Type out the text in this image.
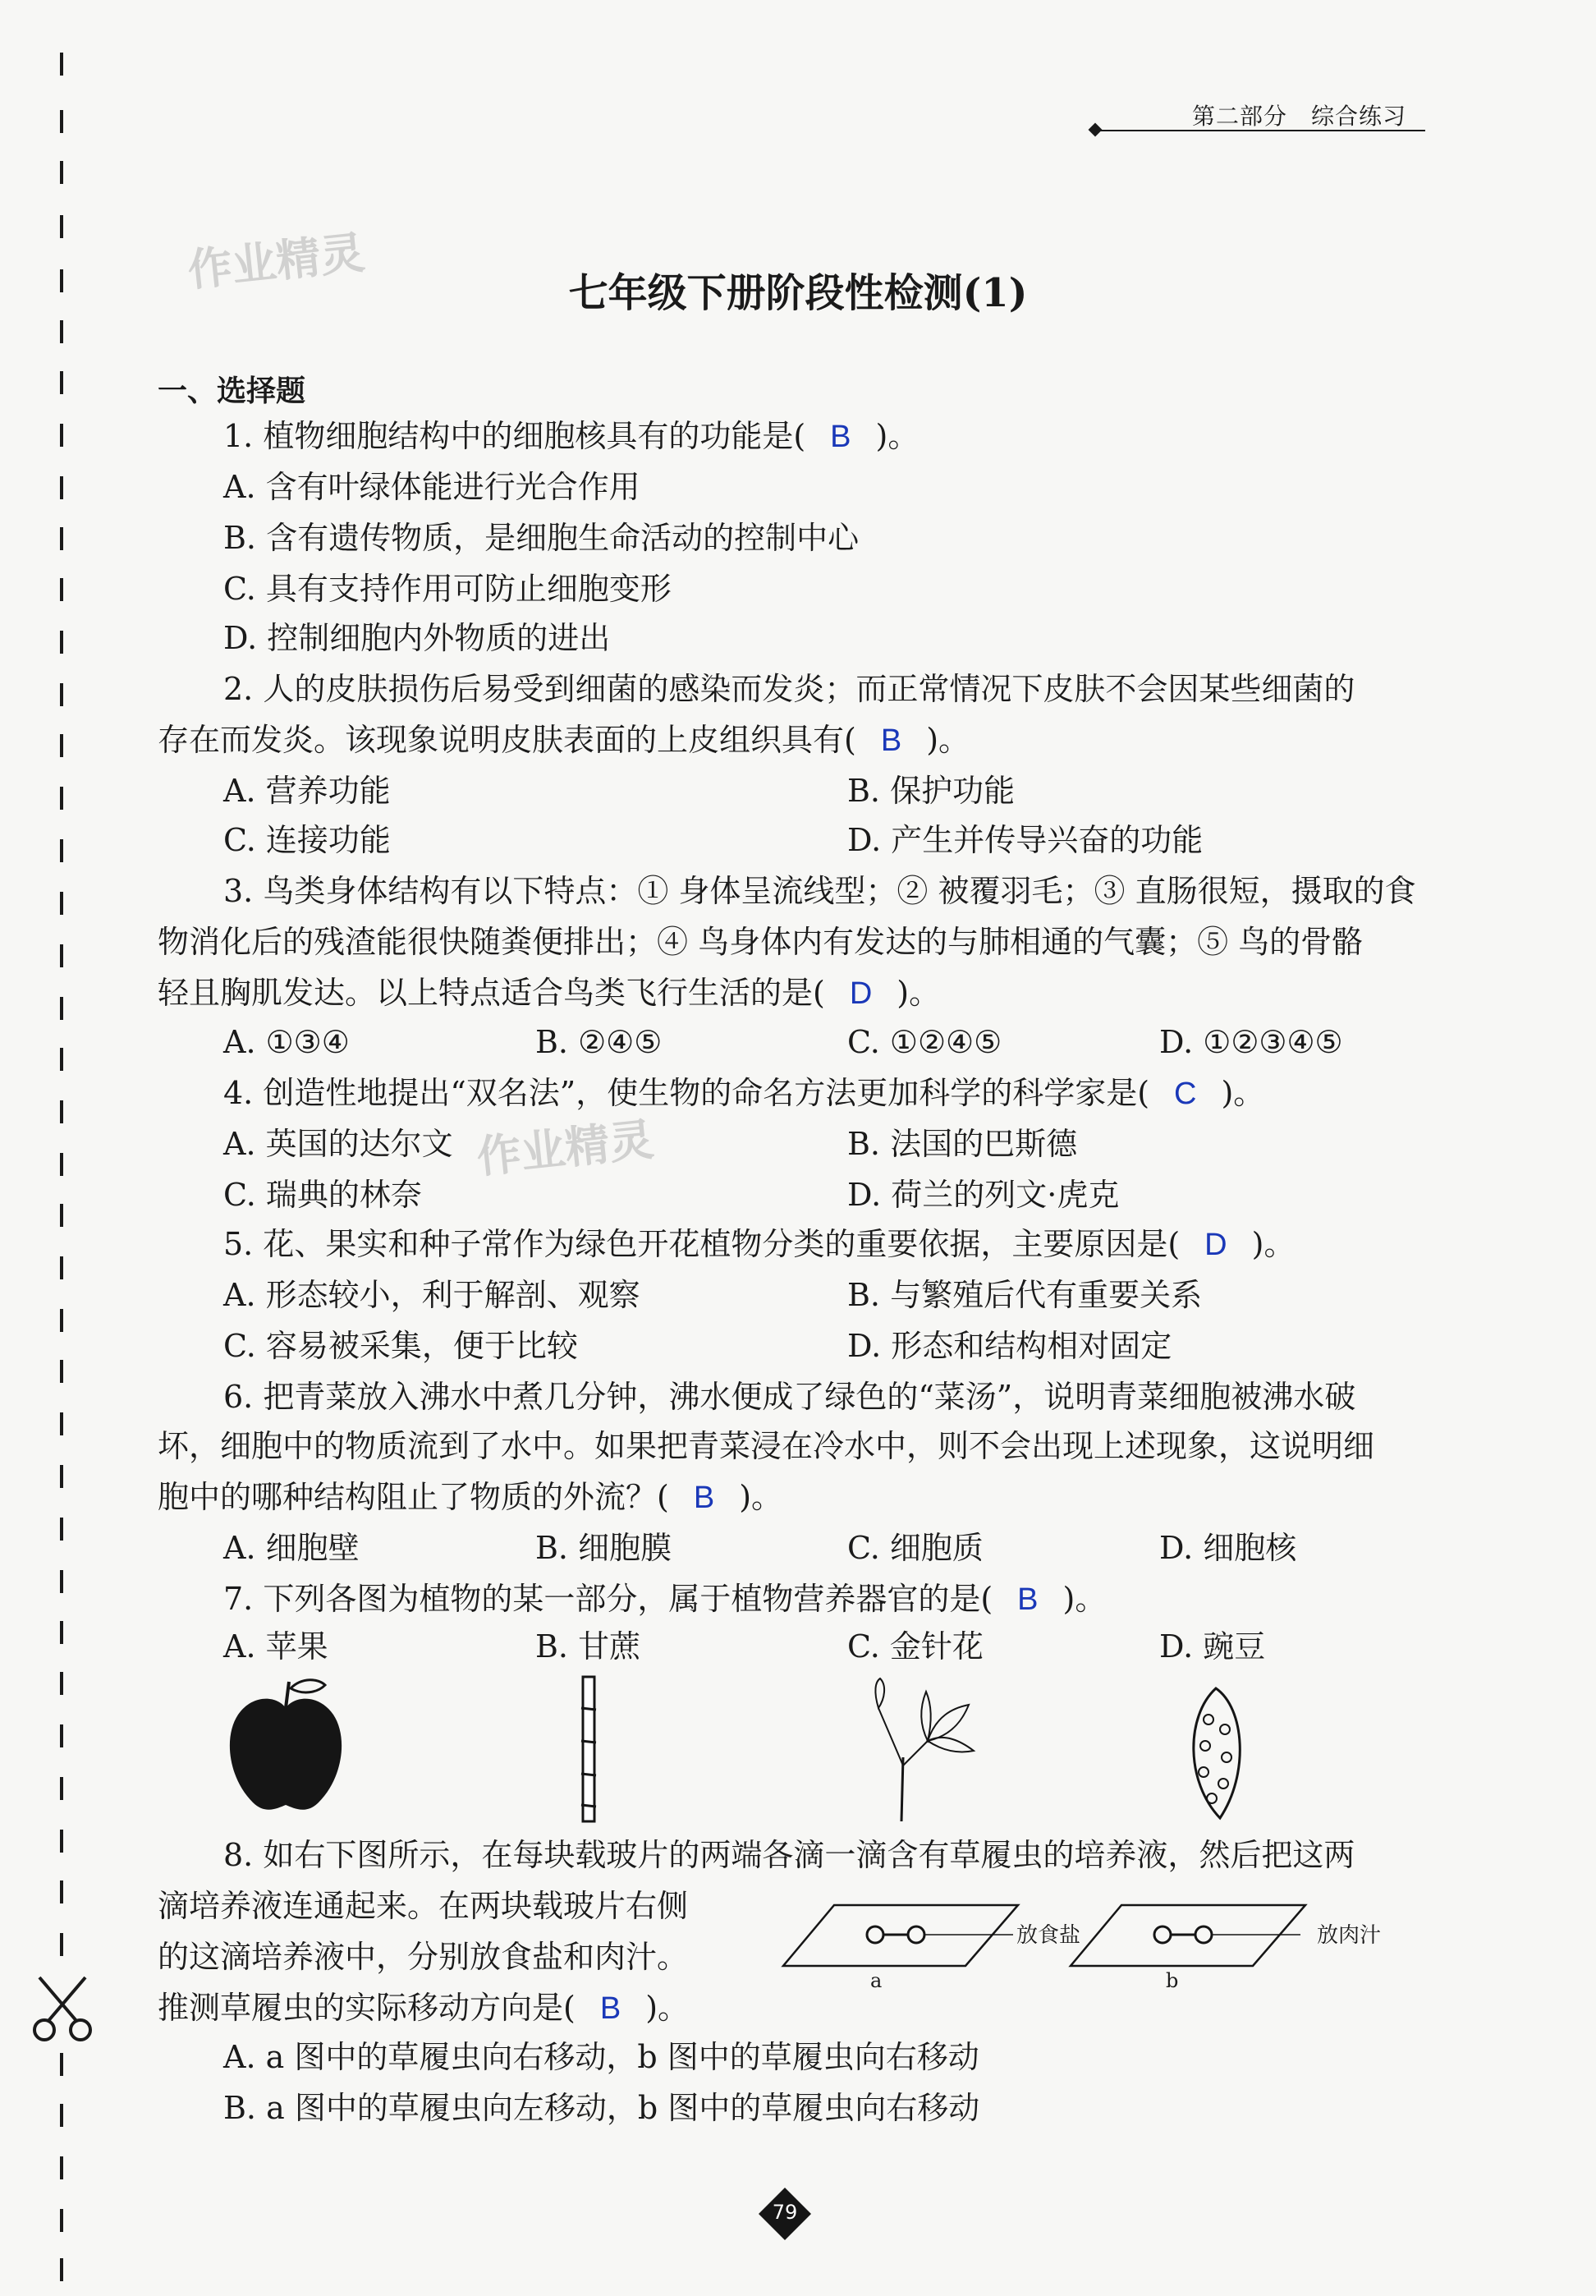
第二部分　综合练习
作业精灵
作业精灵
七年级下册阶段性检测(1)
一、选择题
1. 植物细胞结构中的细胞核具有的功能是( B )。
A. 含有叶绿体能进行光合作用
B. 含有遗传物质，是细胞生命活动的控制中心
C. 具有支持作用可防止细胞变形
D. 控制细胞内外物质的进出
2. 人的皮肤损伤后易受到细菌的感染而发炎；而正常情况下皮肤不会因某些细菌的
存在而发炎。该现象说明皮肤表面的上皮组织具有( B )。
A. 营养功能	B. 保护功能
C. 连接功能	D. 产生并传导兴奋的功能
3. 鸟类身体结构有以下特点：① 身体呈流线型；② 被覆羽毛；③ 直肠很短，摄取的食
物消化后的残渣能很快随粪便排出；④ 鸟身体内有发达的与肺相通的气囊；⑤ 鸟的骨骼
轻且胸肌发达。以上特点适合鸟类飞行生活的是( D )。
A. ①③④	B. ②④⑤	C. ①②④⑤	D. ①②③④⑤
4. 创造性地提出“双名法”，使生物的命名方法更加科学的科学家是( C )。
A. 英国的达尔文	B. 法国的巴斯德
C. 瑞典的林奈	D. 荷兰的列文·虎克
5. 花、果实和种子常作为绿色开花植物分类的重要依据，主要原因是( D )。
A. 形态较小，利于解剖、观察	B. 与繁殖后代有重要关系
C. 容易被采集，便于比较	D. 形态和结构相对固定
6. 把青菜放入沸水中煮几分钟，沸水便成了绿色的“菜汤”，说明青菜细胞被沸水破
坏，细胞中的物质流到了水中。如果把青菜浸在冷水中，则不会出现上述现象，这说明细
胞中的哪种结构阻止了物质的外流？( B )。
A. 细胞壁	B. 细胞膜	C. 细胞质	D. 细胞核
7. 下列各图为植物的某一部分，属于植物营养器官的是( B )。
A. 苹果	B. 甘蔗	C. 金针花	D. 豌豆
8. 如右下图所示，在每块载玻片的两端各滴一滴含有草履虫的培养液，然后把这两
滴培养液连通起来。在两块载玻片右侧
的这滴培养液中，分别放食盐和肉汁。
推测草履虫的实际移动方向是( B )。
A. a 图中的草履虫向右移动，b 图中的草履虫向右移动
B. a 图中的草履虫向左移动，b 图中的草履虫向右移动
放食盐	放肉汁
a	b
79
